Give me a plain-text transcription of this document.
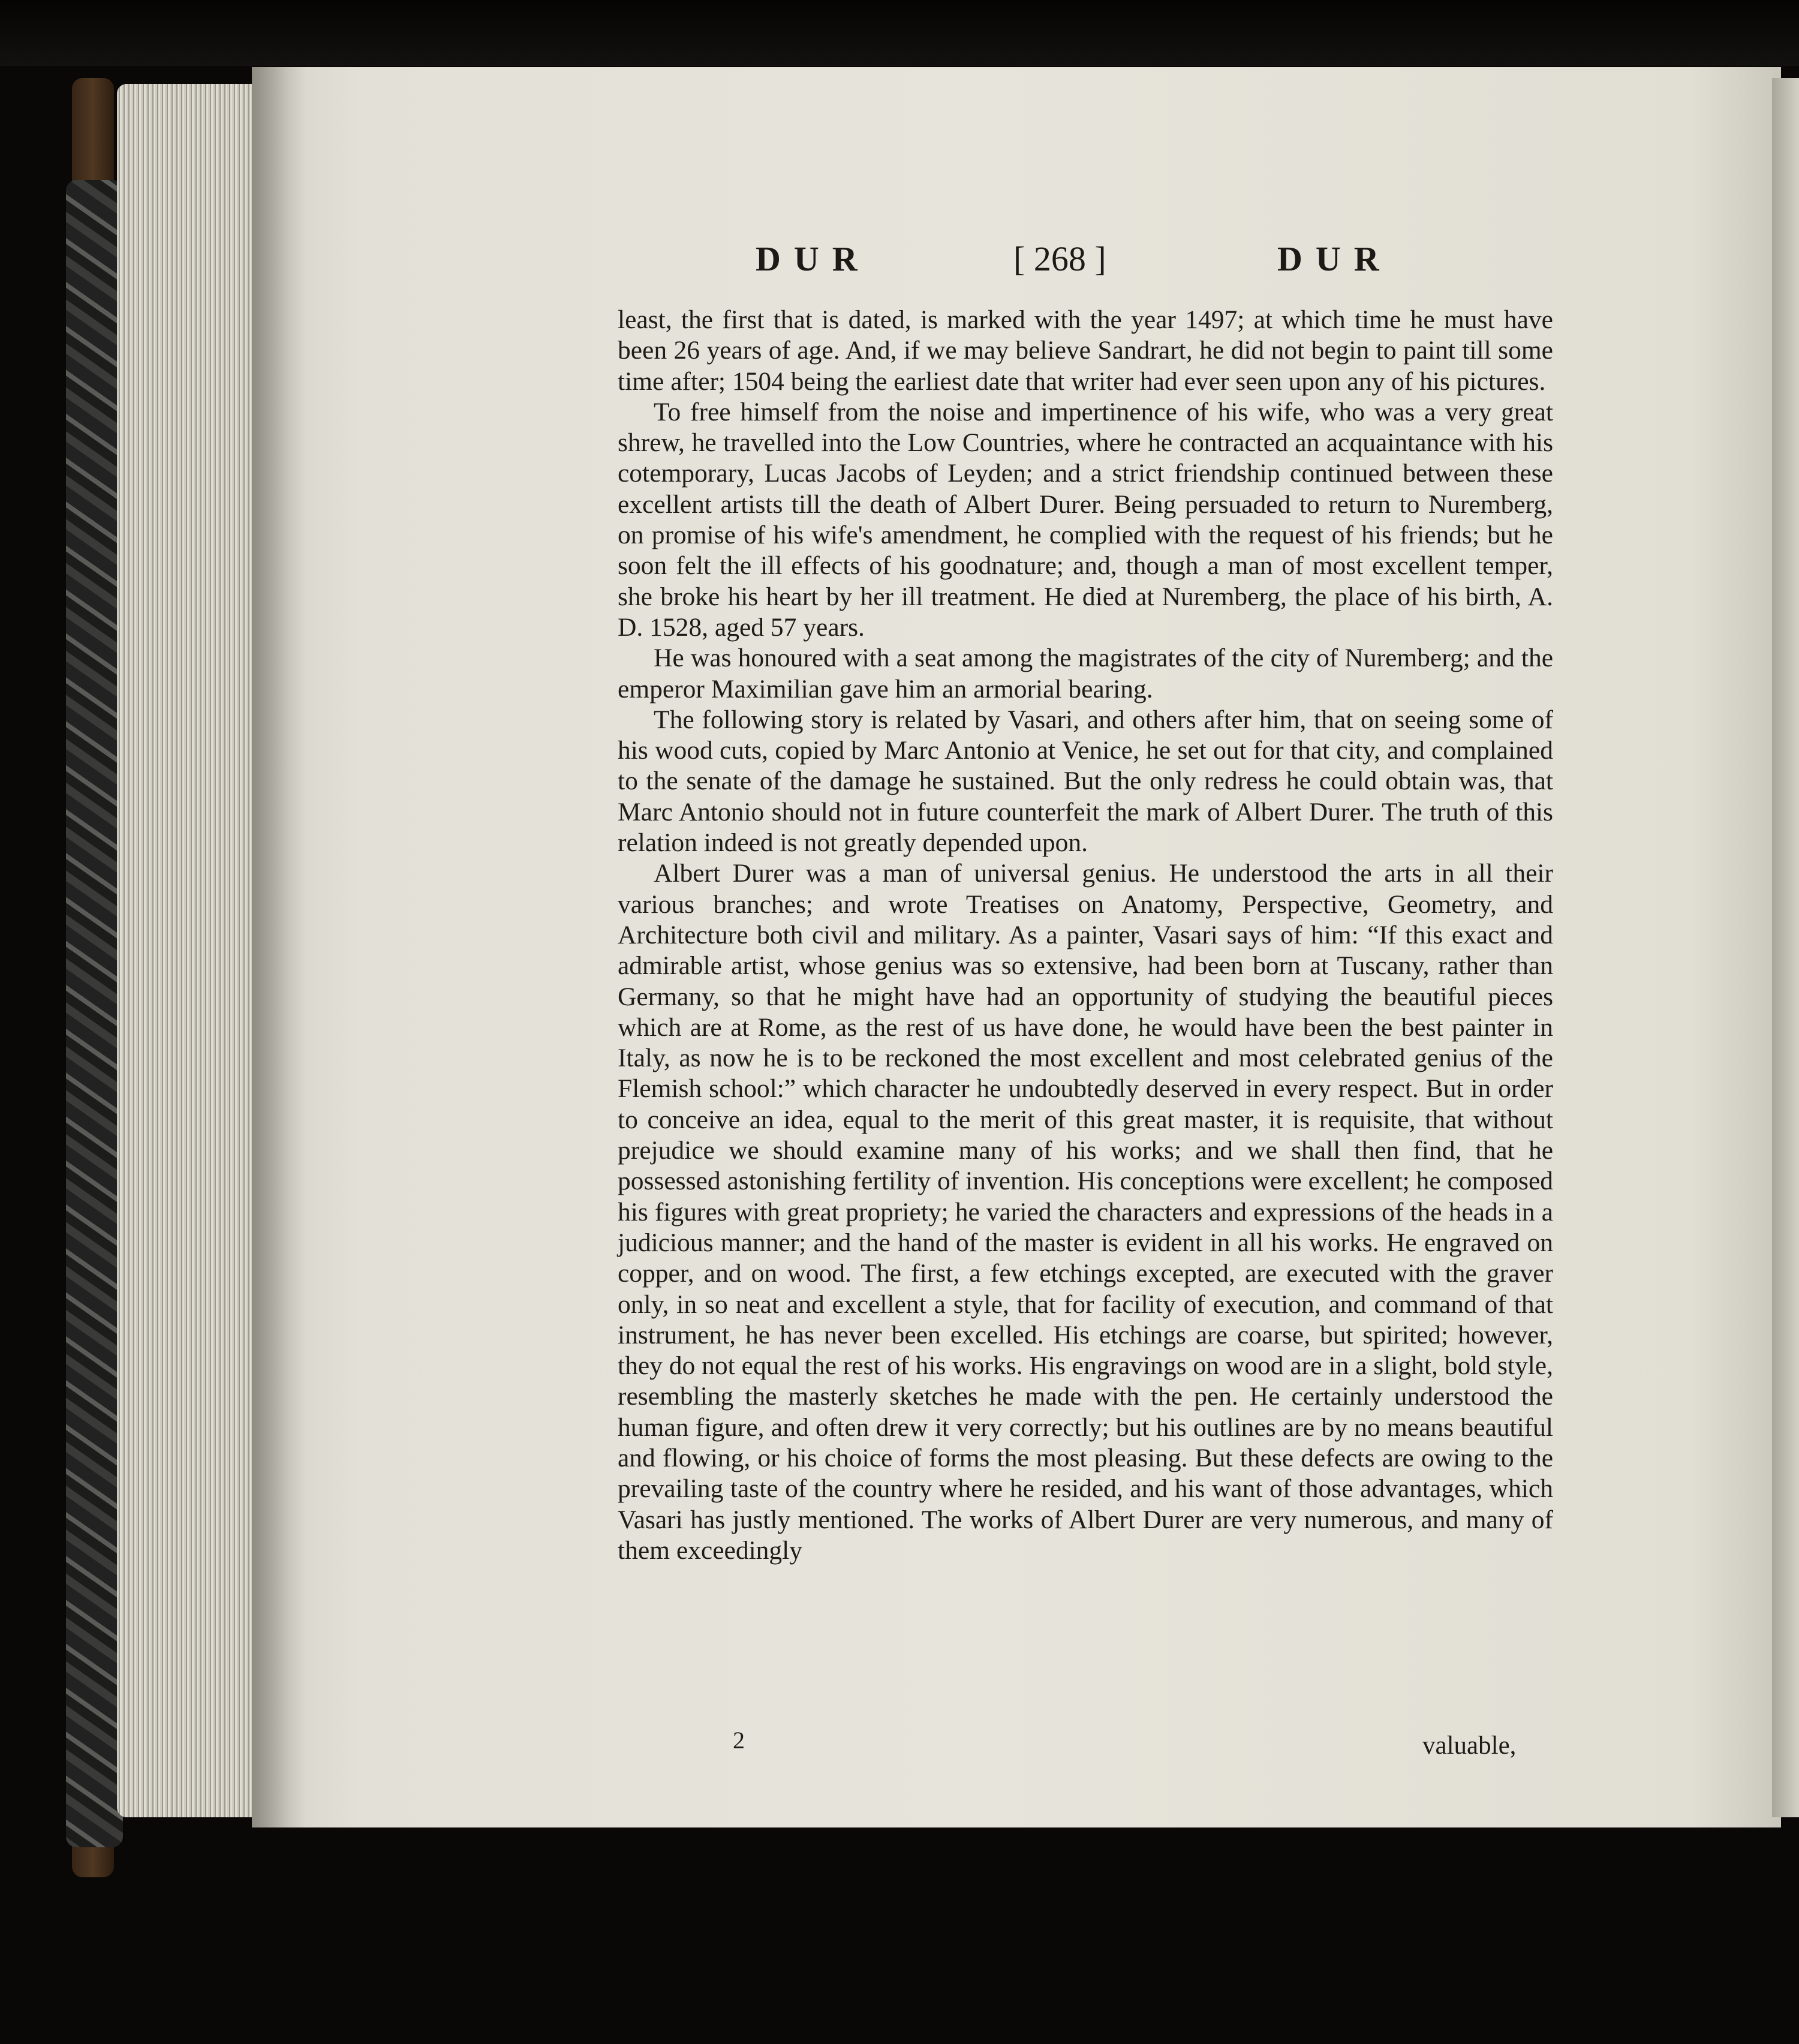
DUR	[ 268 ]	DUR

least, the first that is dated, is marked with the year 1497; at which time he must have been 26 years of age. And, if we may believe Sandrart, he did not begin to paint till some time after; 1504 being the earliest date that writer had ever seen upon any of his pictures.

To free himself from the noise and impertinence of his wife, who was a very great shrew, he travelled into the Low Countries, where he contracted an acquaintance with his cotemporary, Lucas Jacobs of Leyden; and a strict friendship continued between these excellent artists till the death of Albert Durer. Being persuaded to return to Nuremberg, on promise of his wife's amendment, he complied with the request of his friends; but he soon felt the ill effects of his goodnature; and, though a man of most excellent temper, she broke his heart by her ill treatment. He died at Nuremberg, the place of his birth, A. D. 1528, aged 57 years.

He was honoured with a seat among the magistrates of the city of Nuremberg; and the emperor Maximilian gave him an armorial bearing.

The following story is related by Vasari, and others after him, that on seeing some of his wood cuts, copied by Marc Antonio at Venice, he set out for that city, and complained to the senate of the damage he sustained. But the only redress he could obtain was, that Marc Antonio should not in future counterfeit the mark of Albert Durer. The truth of this relation indeed is not greatly depended upon.

Albert Durer was a man of universal genius. He understood the arts in all their various branches; and wrote Treatises on Anatomy, Perspective, Geometry, and Architecture both civil and military. As a painter, Vasari says of him: “If this exact and admirable artist, whose genius was so extensive, had been born at Tuscany, rather than Germany, so that he might have had an opportunity of studying the beautiful pieces which are at Rome, as the rest of us have done, he would have been the best painter in Italy, as now he is to be reckoned the most excellent and most celebrated genius of the Flemish school:” which character he undoubtedly deserved in every respect. But in order to conceive an idea, equal to the merit of this great master, it is requisite, that without prejudice we should examine many of his works; and we shall then find, that he possessed astonishing fertility of invention. His conceptions were excellent; he composed his figures with great propriety; he varied the characters and expressions of the heads in a judicious manner; and the hand of the master is evident in all his works. He engraved on copper, and on wood. The first, a few etchings excepted, are executed with the graver only, in so neat and excellent a style, that for facility of execution, and command of that instrument, he has never been excelled. His etchings are coarse, but spirited; however, they do not equal the rest of his works. His engravings on wood are in a slight, bold style, resembling the masterly sketches he made with the pen. He certainly understood the human figure, and often drew it very correctly; but his outlines are by no means beautiful and flowing, or his choice of forms the most pleasing. But these defects are owing to the prevailing taste of the country where he resided, and his want of those advantages, which Vasari has justly mentioned. The works of Albert Durer are very numerous, and many of them exceedingly

2	valuable,
